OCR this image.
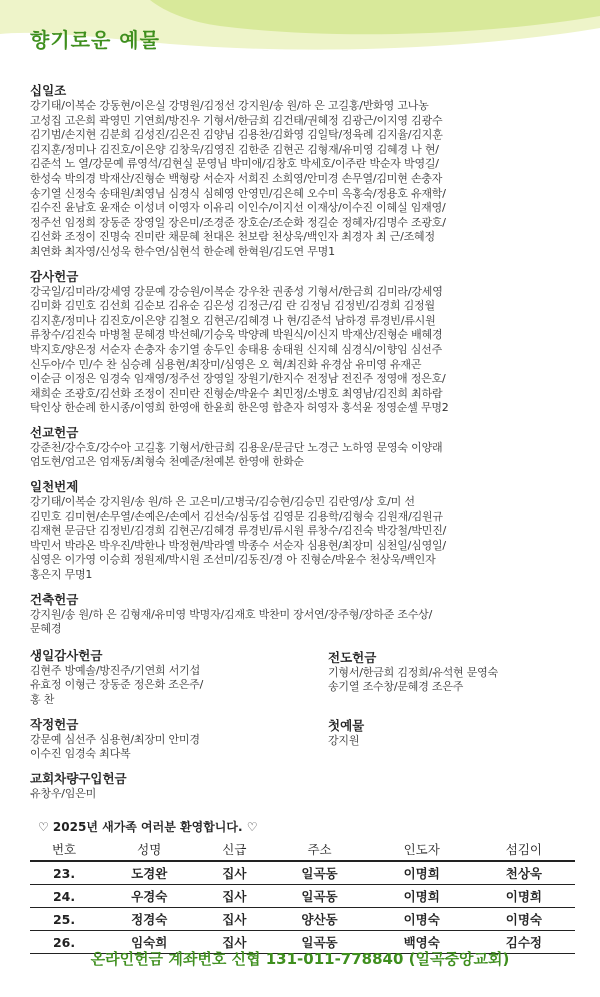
향기로운 예물
십일조
강기태/이복순 강동현/이은실 강명원/김정선 강지원/송 원/하 은 고길홍/반화영 고나농
고성집 고은희 곽영민 기연희/방진우 기형서/한금희 김건태/권혜정 김광근/이지영 김광수
김기범/손지현 김분희 김성진/김은진 김양님 김용찬/김화영 김일탁/정육례 김지율/김지훈
김지훈/정미나 김진호/이은양 김창욱/김영진 김한준 김현곤 김형재/유미영 김혜경 나 현/
김준석 노 열/강문예 류영석/김현실 문영님 박미애/김창호 박세호/이주란 박순자 박영길/
한성숙 박의경 박재산/진형순 백형랑 서순자 서희진 소희영/안미경 손무열/김미현 손충자
송기열 신정숙 송태원/최영님 심경식 심혜영 안영민/김은혜 오수미 옥홍숙/정용호 유재학/
김수진 윤남호 윤재순 이성녀 이영자 이유리 이인수/이지선 이재상/이수진 이혜실 임재영/
정주선 임정희 장동준 장영일 장은미/조경준 장호순/조순화 정길순 정혜자/김명수 조광호/
김선화 조정이 진명숙 진미란 채문혜 천대은 천보람 천상욱/백인자 최경자 최 근/조혜정
최연화 최자영/신성욱 한수연/심현석 한순례 한혁원/김도연 무명1
감사헌금
강국일/김미라/강세영 강문예 강승원/이복순 강우찬 권종성 기형서/한금희 김미라/강세영
김미화 김민호 김선희 김순보 김유순 김은성 김정근/김 란 김정님 김정빈/김경희 김정월
김지훈/정미나 김진호/이은양 김철오 김현곤/김혜경 나 현/김준석 남하경 류경빈/류시원
류창수/김진숙 마병철 문혜경 박선혜/기승욱 박양례 박원식/이신지 박재산/진형순 배혜경
박지호/양은정 서순자 손충자 송기열 송두인 송태용 송태원 신지혜 심경식/이향임 심선주
신두아/수 민/수 찬 심승례 심용현/최장미/심영은 오 혁/최진화 유경삼 유미영 유재곤
이순금 이정은 임경숙 임재영/정주선 장영일 장원기/한지수 전정남 전진주 정영애 정은호/
채희순 조광호/김선화 조정이 진미란 진형순/박윤수 최민정/소병호 최영남/김진희 최하람
탁인상 한순례 한시종/이영희 한영애 한윤희 한은영 함춘자 허영자 홍석윤 정영순셀 무명2
선교헌금
강준천/강수호/강수아 고길홍 기형서/한금희 김용운/문금단 노경근 노하영 문영숙 이양래
엄도현/엄고은 엄재동/최형숙 천예준/천예본 한영애 한화순
일천번제
강기태/이복순 강지원/송 원/하 은 고은미/고병국/김승현/김승민 김란영/상 호/미 선
김민호 김미현/손무열/손예은/손예서 김선숙/심동섭 김영문 김용학/김형숙 김원재/김원규
김재현 문금단 김정빈/김경희 김현곤/김혜경 류경빈/류시원 류창수/김진숙 박강철/박민진/
박민서 박라온 박우진/박한나 박정현/박라엘 박종수 서순자 심용현/최장미 심천일/심영일/
심영은 이가영 이승희 정원제/박시원 조선미/김동진/경 아 진형순/박윤수 천상욱/백인자
홍은지 무명1
건축헌금
강지원/송 원/하 은 김형재/유미영 박명자/김재호 박찬미 장서연/장주형/장하준 조수상/
문혜경
생일감사헌금
김현주 방예솔/방진주/기연희 서기섭
유효정 이형근 장동준 정은화 조은주/
홍 찬
작정헌금
강문예 심선주 심용현/최장미 안미경
이수진 임경숙 최다복
교회차량구입헌금
유창우/임은미
전도헌금
기형서/한금희 김정희/유석현 문영숙
송기열 조수창/문혜경 조은주
첫예물
강지원
♡ 2025년 새가족 여러분 환영합니다. ♡
번호	성명	신급	주소	인도자	섬김이
23.	도경완	집사	일곡동	이명희	천상욱
24.	우경숙	집사	일곡동	이명희	이명희
25.	정경숙	집사	양산동	이명숙	이명숙
26.	임숙희	집사	일곡동	백영숙	김수정
온라인헌금 계좌번호 신협 131-011-778840 (일곡중앙교회)
